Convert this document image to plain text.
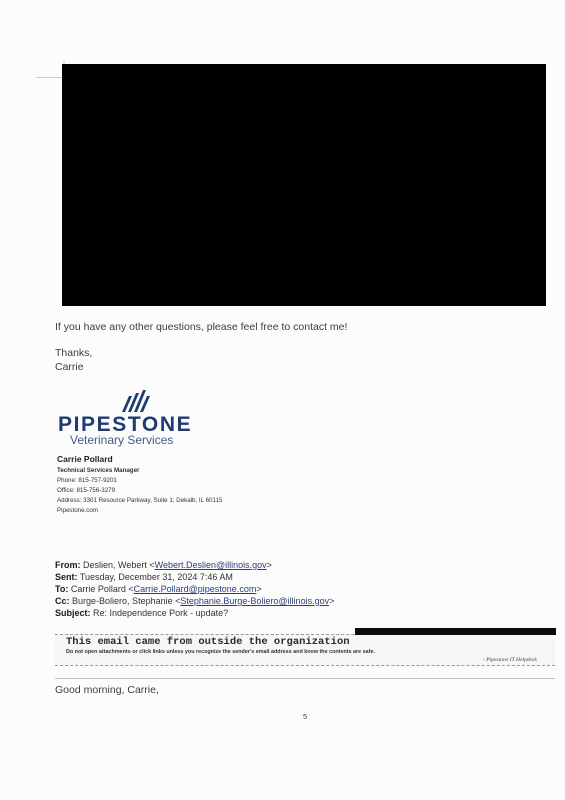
If you have any other questions, please feel free to contact me!
Thanks,
Carrie
PIPESTONE
Veterinary Services
Carrie Pollard
Technical Services Manager
Phone: 815-757-9201
Office: 815-756-3279
Address: 3301 Resource Parkway, Suite 1; Dekalb, IL 60115
Pipestone.com
From: Deslien, Webert <Webert.Deslien@illinois.gov>
Sent: Tuesday, December 31, 2024 7:46 AM
To: Carrie Pollard <Carrie.Pollard@pipestone.com>
Cc: Burge-Boliero, Stephanie <Stephanie.Burge-Boliero@illinois.gov>
Subject: Re: Independence Pork - update?
This email came from outside the organization
Do not open attachments or click links unless you recognize the sender's email address and know the contents are safe.
- Pipestone IT Helpdesk
Good morning, Carrie,
5
